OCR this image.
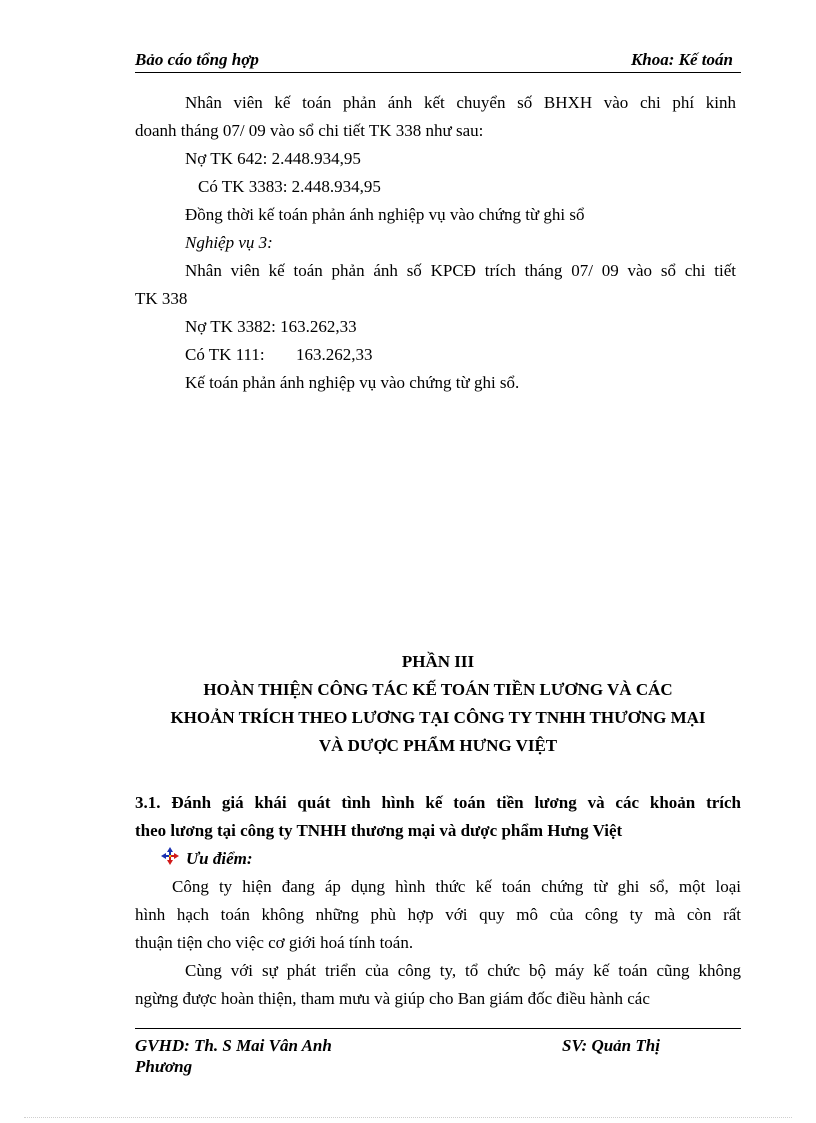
Bảo cáo tổng hợp	Khoa: Kế toán
Nhân viên kế toán phản ánh kết chuyển số BHXH vào chi phí kinh
doanh tháng 07/ 09 vào sổ chi tiết TK 338 như sau:
Nợ TK 642: 2.448.934,95
Có TK 3383: 2.448.934,95
Đồng thời kế toán phản ánh nghiệp vụ vào chứng từ ghi sổ
Nghiệp vụ 3:
Nhân viên kế toán phản ánh số KPCĐ trích tháng 07/ 09 vào sổ chi tiết
TK 338
Nợ TK 3382: 163.262,33
Có TK 111: 163.262,33
Kế toán phản ánh nghiệp vụ vào chứng từ ghi sổ.
PHẦN III
HOÀN THIỆN CÔNG TÁC KẾ TOÁN TIỀN LƯƠNG VÀ CÁC
KHOẢN TRÍCH THEO LƯƠNG TẠI CÔNG TY TNHH THƯƠNG MẠI
VÀ DƯỢC PHẨM HƯNG VIỆT
3.1. Đánh giá khái quát tình hình kế toán tiền lương và các khoản trích
theo lương tại công ty TNHH thương mại và dược phẩm Hưng Việt
Ưu điểm:
Công ty hiện đang áp dụng hình thức kế toán chứng từ ghi sổ, một loại
hình hạch toán không những phù hợp với quy mô của công ty mà còn rất
thuận tiện cho việc cơ giới hoá tính toán.
Cùng với sự phát triển của công ty, tổ chức bộ máy kế toán cũng không
ngừng được hoàn thiện, tham mưu và giúp cho Ban giám đốc điều hành các
GVHD: Th. S Mai Vân Anh
Phương
SV: Quản Thị
